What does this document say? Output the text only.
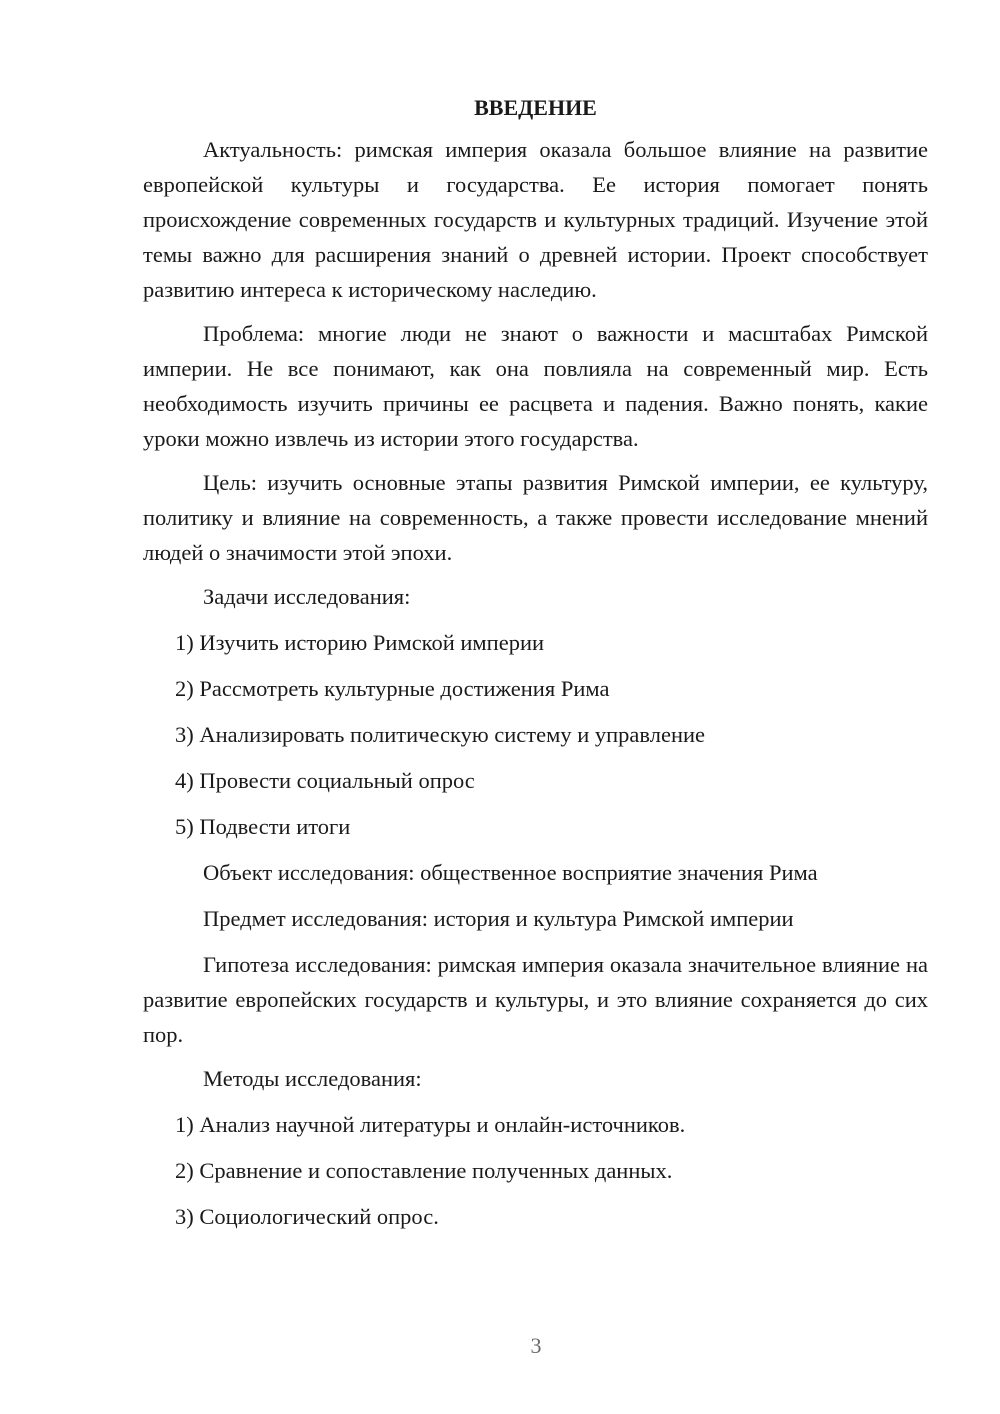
ВВЕДЕНИЕ

Актуальность: римская империя оказала большое влияние на развитие европейской культуры и государства. Ее история помогает понять происхождение современных государств и культурных традиций. Изучение этой темы важно для расширения знаний о древней истории. Проект способствует развитию интереса к историческому наследию.

Проблема: многие люди не знают о важности и масштабах Римской империи. Не все понимают, как она повлияла на современный мир. Есть необходимость изучить причины ее расцвета и падения. Важно понять, какие уроки можно извлечь из истории этого государства.

Цель: изучить основные этапы развития Римской империи, ее культуру, политику и влияние на современность, а также провести исследование мнений людей о значимости этой эпохи.

Задачи исследования:
1) Изучить историю Римской империи
2) Рассмотреть культурные достижения Рима
3) Анализировать политическую систему и управление
4) Провести социальный опрос
5) Подвести итоги
Объект исследования: общественное восприятие значения Рима
Предмет исследования: история и культура Римской империи

Гипотеза исследования: римская империя оказала значительное влияние на развитие европейских государств и культуры, и это влияние сохраняется до сих пор.

Методы исследования:
1) Анализ научной литературы и онлайн-источников.
2) Сравнение и сопоставление полученных данных.
3) Социологический опрос.
3
